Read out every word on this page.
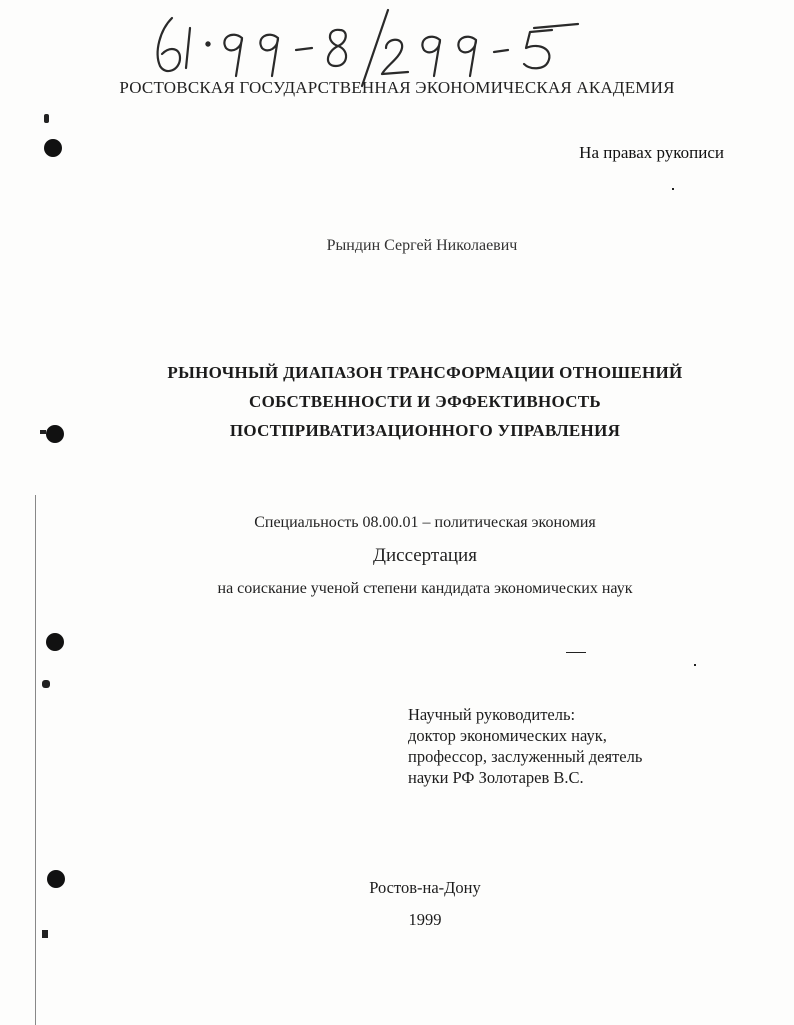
РОСТОВСКАЯ ГОСУДАРСТВЕННАЯ ЭКОНОМИЧЕСКАЯ АКАДЕМИЯ
На правах рукописи
Рындин Сергей Николаевич
РЫНОЧНЫЙ ДИАПАЗОН ТРАНСФОРМАЦИИ ОТНОШЕНИЙ
СОБСТВЕННОСТИ И ЭФФЕКТИВНОСТЬ
ПОСТПРИВАТИЗАЦИОННОГО УПРАВЛЕНИЯ
Специальность 08.00.01 – политическая экономия
Диссертация
на соискание ученой степени кандидата экономических наук
Научный руководитель:
доктор экономических наук,
профессор, заслуженный деятель
науки РФ Золотарев В.С.
Ростов-на-Дону
1999
